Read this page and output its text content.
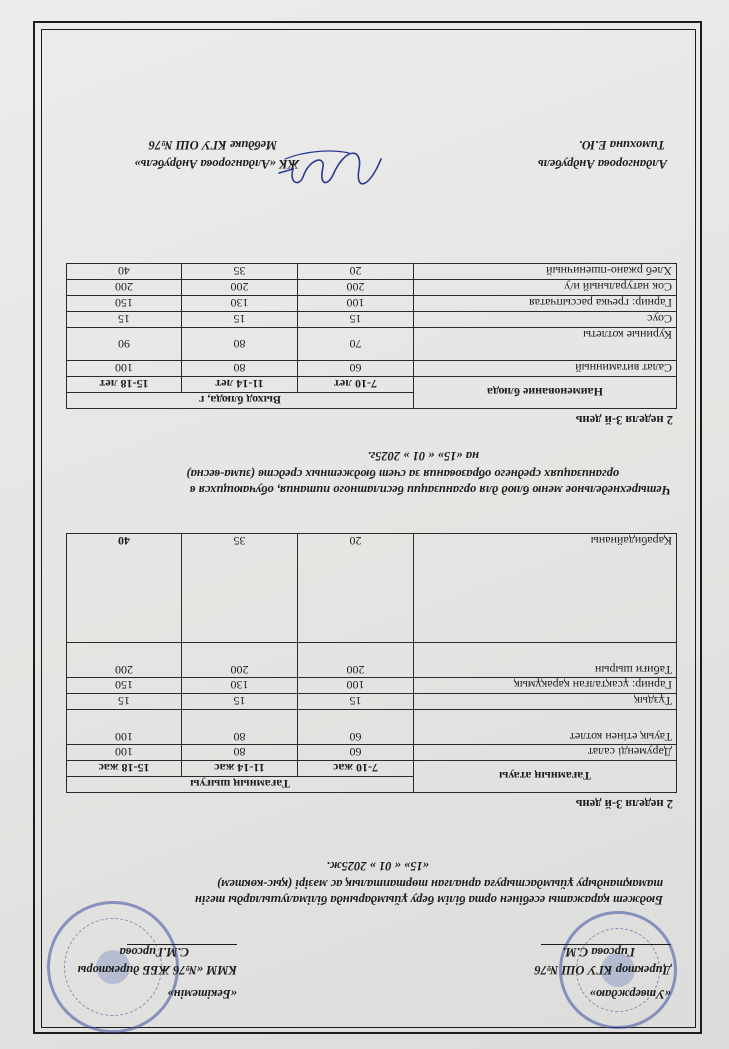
«Утверждаю»
Директор КГУ ОШ №76
Гирсова С.М.
«Бекітемін»
КММ «№76 ЖББ директоры
С.М.Гирсова
Бюджет қаражаты есебінен орта білім беру ұйымдарында білімалушыларды тегін
тамақтандыру ұйымдастыруға арналған төртапталық ас мәзірі (қыс-көктем)
«15» « 01 » 2025ж.
2 неделя 3-й день
Тағамның атауы	Тағамның шығуы		
	7-10 жас	11-14 жас	15-18 жас
Дәрумендi салат	60	80	100
Тауық етінен котлет	60	80	100
Тұздық	15	15	15
Гарнир: ұсақталған қарақұмық	100	130	150
Табиғи шырын	200	200	200
Қарабидайнаны	20	35	40
Четырехнедельное меню блюд для организации бесплатного питания, обучающихся в
организациях среднего образования за счет бюджетных средств (зима-весна)
на «15» « 01 » 2025г.
2 неделя 3-й день
Наименование блюда	Выход блюда, г		
	7-10 лет	11-14 лет	15-18 лет
Салат витаминный	60	80	100
Куриные котлеты	70	80	90
Соус	15	15	15
Гарнир: гречка рассыпчатая	100	130	150
Сок натуральный и/у	200	200	200
Хлеб ржано-пшеничный	20	35	40
Алдангорова Андрубель
Тимохина Е.Ю.
ЖК «Алдангорова Андрубель»
Мебдике КГУ ОШ №76
